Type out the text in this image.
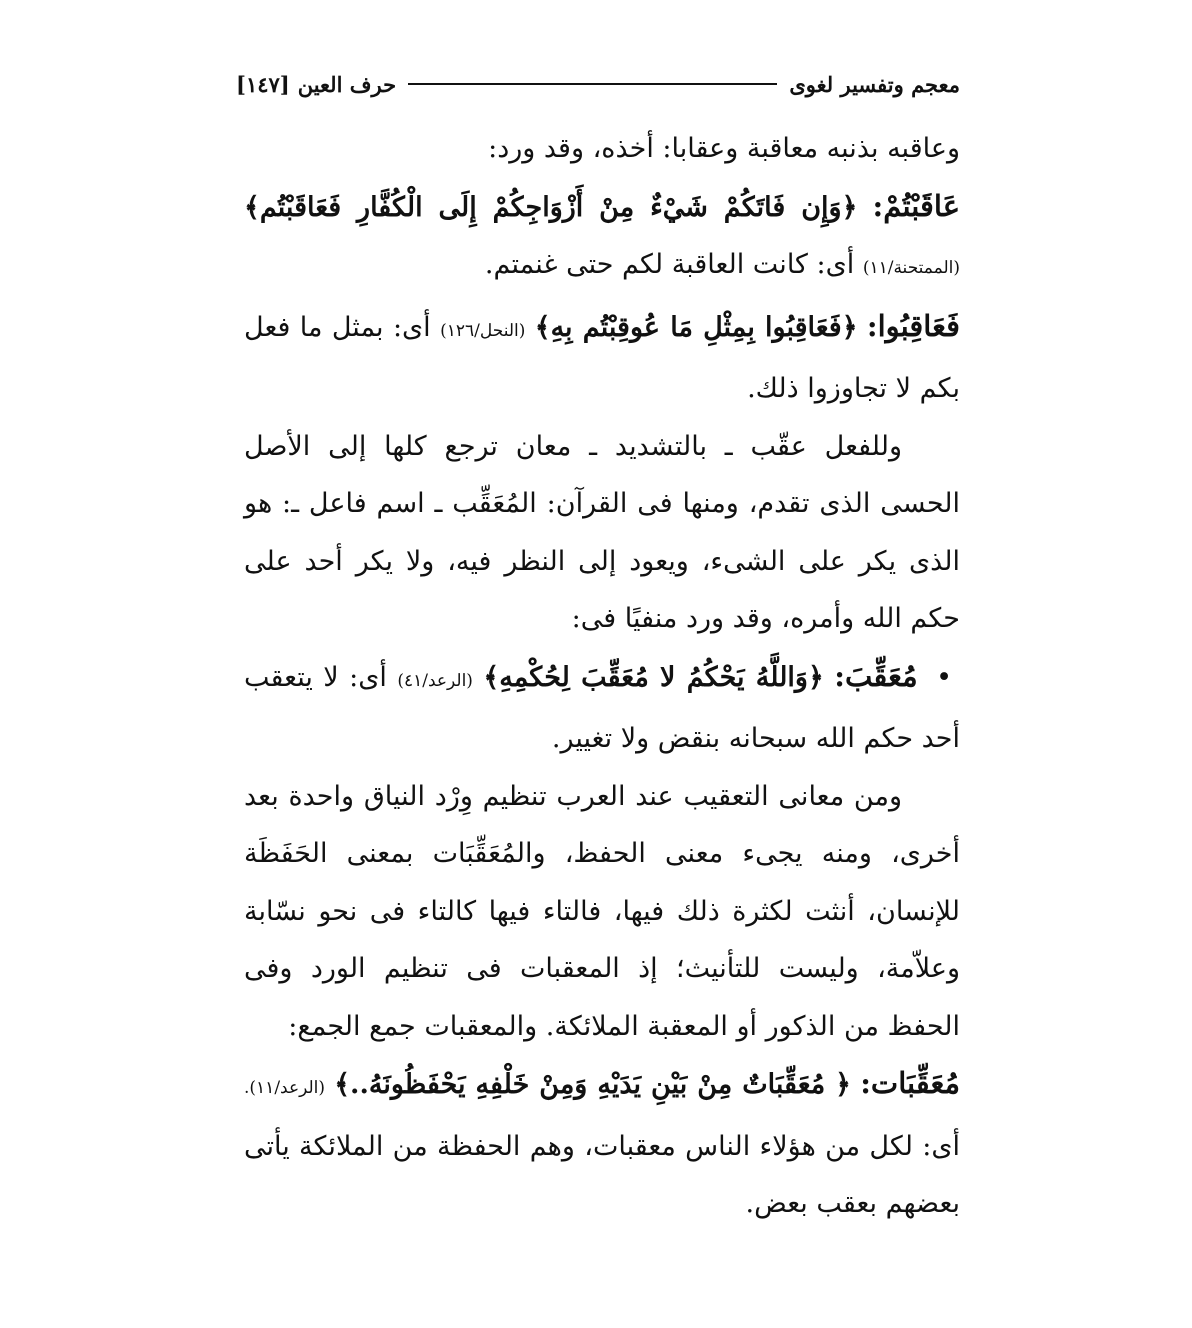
معجم وتفسير لغوى
حرف العين
[١٤٧]

وعاقبه بذنبه معاقبة وعقابا: أخذه، وقد ورد:

عَاقَبْتُمْ: ﴿وَإِن فَاتَكُمْ شَيْءٌ مِنْ أَزْوَاجِكُمْ إِلَى الْكُفَّارِ فَعَاقَبْتُم﴾ (الممتحنة/١١) أى: كانت العاقبة لكم حتى غنمتم.

فَعَاقِبُوا: ﴿فَعَاقِبُوا بِمِثْلِ مَا عُوقِبْتُم بِهِ﴾ (النحل/١٢٦) أى: بمثل ما فعل بكم لا تجاوزوا ذلك.

وللفعل عقّب ـ بالتشديد ـ معان ترجع كلها إلى الأصل الحسى الذى تقدم، ومنها فى القرآن: المُعَقِّب ـ اسم فاعل ـ: هو الذى يكر على الشىء، ويعود إلى النظر فيه، ولا يكر أحد على حكم الله وأمره، وقد ورد منفيًا فى:

• مُعَقِّبَ: ﴿وَاللَّهُ يَحْكُمُ لا مُعَقِّبَ لِحُكْمِهِ﴾ (الرعد/٤١) أى: لا يتعقب أحد حكم الله سبحانه بنقض ولا تغيير.

ومن معانى التعقيب عند العرب تنظيم وِرْد النياق واحدة بعد أخرى، ومنه يجىء معنى الحفظ، والمُعَقِّبَات بمعنى الحَفَظَة للإنسان، أنثت لكثرة ذلك فيها، فالتاء فيها كالتاء فى نحو نسّابة وعلاّمة، وليست للتأنيث؛ إذ المعقبات فى تنظيم الورد وفى الحفظ من الذكور أو المعقبة الملائكة. والمعقبات جمع الجمع:

مُعَقِّبَات: ﴿ مُعَقِّبَاتٌ مِنْ بَيْنِ يَدَيْهِ وَمِنْ خَلْفِهِ يَحْفَظُونَهُ..﴾ (الرعد/١١). أى: لكل من هؤلاء الناس معقبات، وهم الحفظة من الملائكة يأتى بعضهم بعقب بعض.
